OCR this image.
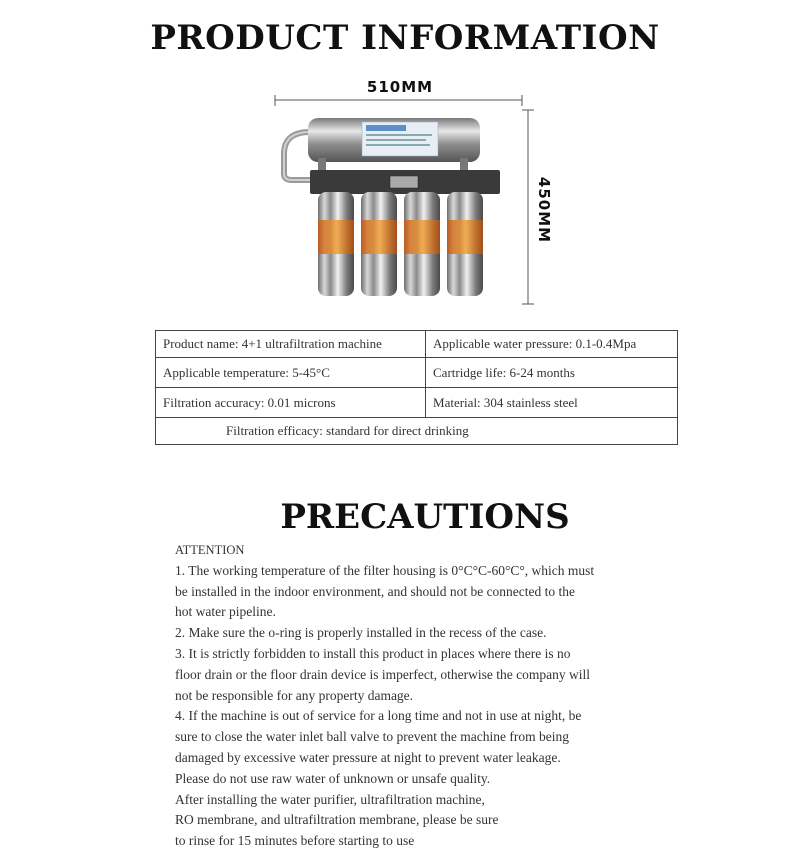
PRODUCT INFORMATION
510MM
450MM
Product name: 4+1 ultrafiltration machine	Applicable water pressure: 0.1-0.4Mpa
Applicable temperature: 5-45°C	Cartridge life: 6-24 months
Filtration accuracy: 0.01 microns	Material: 304 stainless steel
Filtration efficacy: standard for direct drinking	
PRECAUTIONS
ATTENTION
1. The working temperature of the filter housing is 0°C°C-60°C°, which must
be installed in the indoor environment, and should not be connected to the
hot water pipeline.
2. Make sure the o-ring is properly installed in the recess of the case.
3. It is strictly forbidden to install this product in places where there is no
floor drain or the floor drain device is imperfect, otherwise the company will
not be responsible for any property damage.
4. If the machine is out of service for a long time and not in use at night, be
sure to close the water inlet ball valve to prevent the machine from being
damaged by excessive water pressure at night to prevent water leakage.
Please do not use raw water of unknown or unsafe quality.
After installing the water purifier, ultrafiltration machine,
RO membrane, and ultrafiltration membrane, please be sure
to rinse for 15 minutes before starting to use
